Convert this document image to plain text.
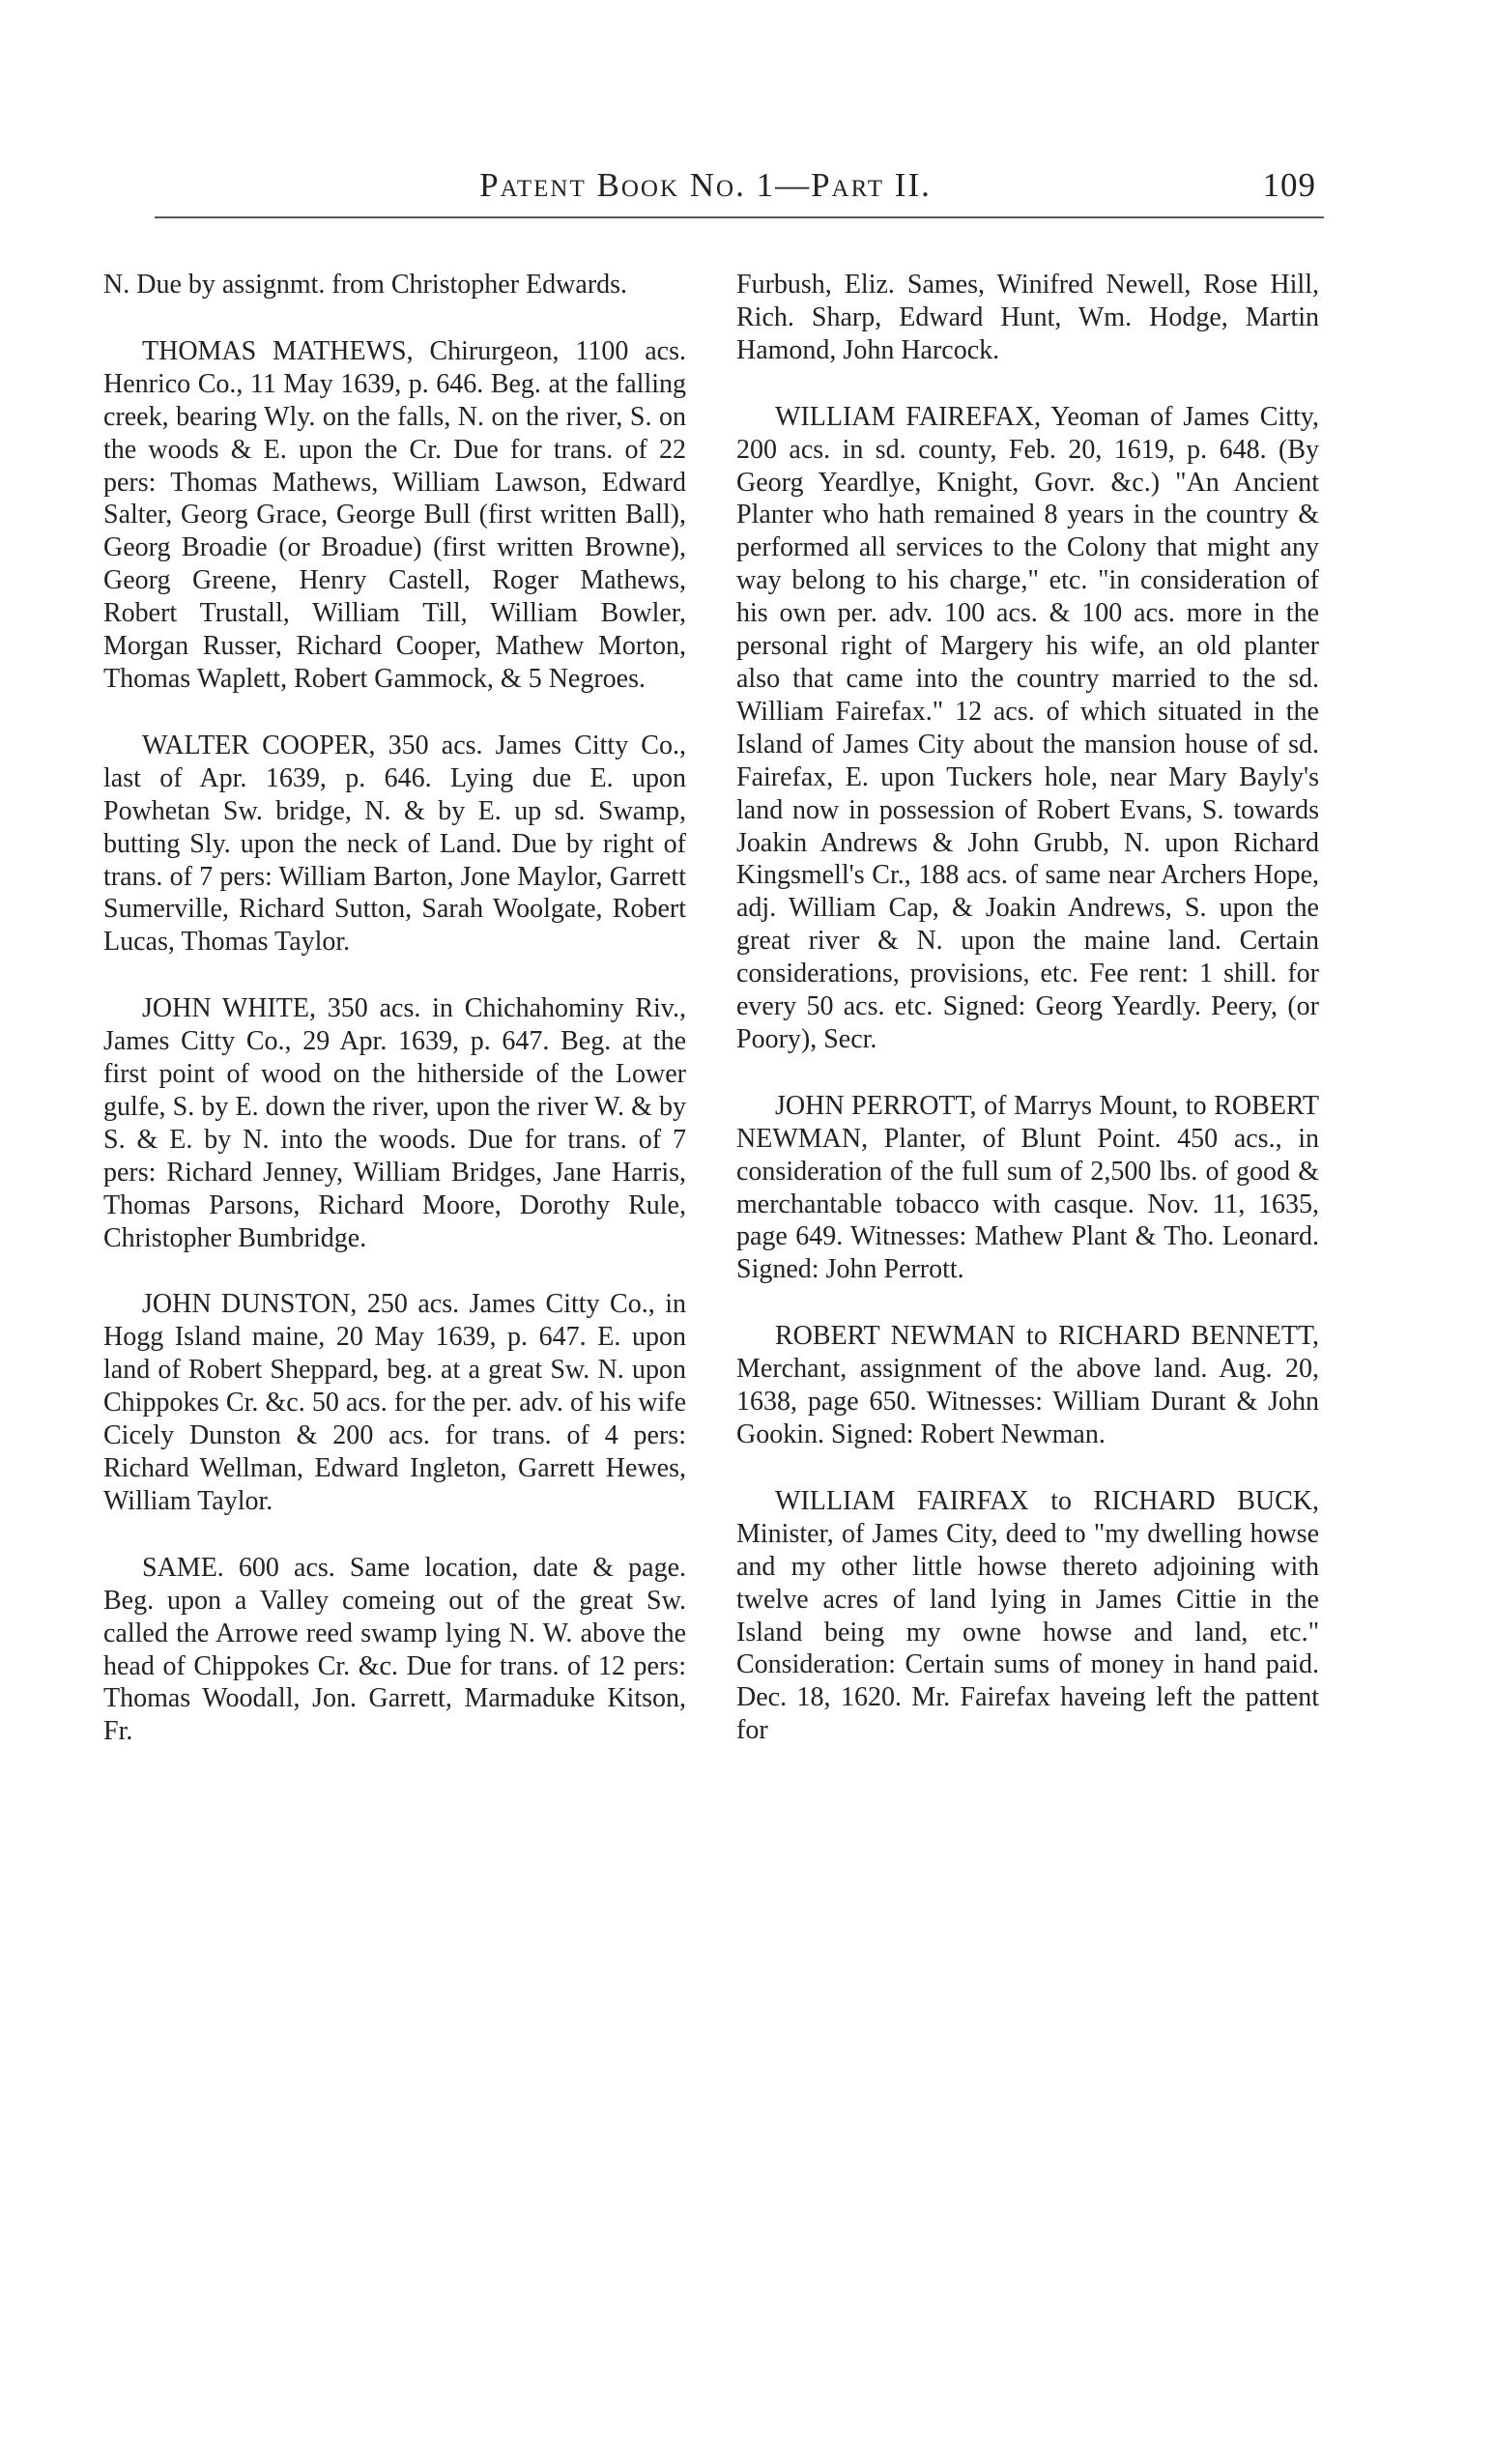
Patent Book No. 1—Part II.	109

N. Due by assignmt. from Christopher Edwards.

THOMAS MATHEWS, Chirurgeon, 1100 acs. Henrico Co., 11 May 1639, p. 646. Beg. at the falling creek, bearing Wly. on the falls, N. on the river, S. on the woods & E. upon the Cr. Due for trans. of 22 pers: Thomas Mathews, William Lawson, Edward Salter, Georg Grace, George Bull (first written Ball), Georg Broadie (or Broadue) (first written Browne), Georg Greene, Henry Castell, Roger Mathews, Robert Trustall, William Till, William Bowler, Morgan Russer, Richard Cooper, Mathew Morton, Thomas Waplett, Robert Gammock, & 5 Negroes.

WALTER COOPER, 350 acs. James Citty Co., last of Apr. 1639, p. 646. Lying due E. upon Powhetan Sw. bridge, N. & by E. up sd. Swamp, butting Sly. upon the neck of Land. Due by right of trans. of 7 pers: William Barton, Jone Maylor, Garrett Sumerville, Richard Sutton, Sarah Woolgate, Robert Lucas, Thomas Taylor.

JOHN WHITE, 350 acs. in Chichahominy Riv., James Citty Co., 29 Apr. 1639, p. 647. Beg. at the first point of wood on the hitherside of the Lower gulfe, S. by E. down the river, upon the river W. & by S. & E. by N. into the woods. Due for trans. of 7 pers: Richard Jenney, William Bridges, Jane Harris, Thomas Parsons, Richard Moore, Dorothy Rule, Christopher Bumbridge.

JOHN DUNSTON, 250 acs. James Citty Co., in Hogg Island maine, 20 May 1639, p. 647. E. upon land of Robert Sheppard, beg. at a great Sw. N. upon Chippokes Cr. &c. 50 acs. for the per. adv. of his wife Cicely Dunston & 200 acs. for trans. of 4 pers: Richard Wellman, Edward Ingleton, Garrett Hewes, William Taylor.

SAME. 600 acs. Same location, date & page. Beg. upon a Valley comeing out of the great Sw. called the Arrowe reed swamp lying N. W. above the head of Chippokes Cr. &c. Due for trans. of 12 pers: Thomas Woodall, Jon. Garrett, Marmaduke Kitson, Fr.

Furbush, Eliz. Sames, Winifred Newell, Rose Hill, Rich. Sharp, Edward Hunt, Wm. Hodge, Martin Hamond, John Harcock.

WILLIAM FAIREFAX, Yeoman of James Citty, 200 acs. in sd. county, Feb. 20, 1619, p. 648. (By Georg Yeardlye, Knight, Govr. &c.) "An Ancient Planter who hath remained 8 years in the country & performed all services to the Colony that might any way belong to his charge," etc. "in consideration of his own per. adv. 100 acs. & 100 acs. more in the personal right of Margery his wife, an old planter also that came into the country married to the sd. William Fairefax." 12 acs. of which situated in the Island of James City about the mansion house of sd. Fairefax, E. upon Tuckers hole, near Mary Bayly's land now in possession of Robert Evans, S. towards Joakin Andrews & John Grubb, N. upon Richard Kingsmell's Cr., 188 acs. of same near Archers Hope, adj. William Cap, & Joakin Andrews, S. upon the great river & N. upon the maine land. Certain considerations, provisions, etc. Fee rent: 1 shill. for every 50 acs. etc. Signed: Georg Yeardly. Peery, (or Poory), Secr.

JOHN PERROTT, of Marrys Mount, to ROBERT NEWMAN, Planter, of Blunt Point. 450 acs., in consideration of the full sum of 2,500 lbs. of good & merchantable tobacco with casque. Nov. 11, 1635, page 649. Witnesses: Mathew Plant & Tho. Leonard. Signed: John Perrott.

ROBERT NEWMAN to RICHARD BENNETT, Merchant, assignment of the above land. Aug. 20, 1638, page 650. Witnesses: William Durant & John Gookin. Signed: Robert Newman.

WILLIAM FAIRFAX to RICHARD BUCK, Minister, of James City, deed to "my dwelling howse and my other little howse thereto adjoining with twelve acres of land lying in James Cittie in the Island being my owne howse and land, etc." Consideration: Certain sums of money in hand paid. Dec. 18, 1620. Mr. Fairefax haveing left the pattent for
